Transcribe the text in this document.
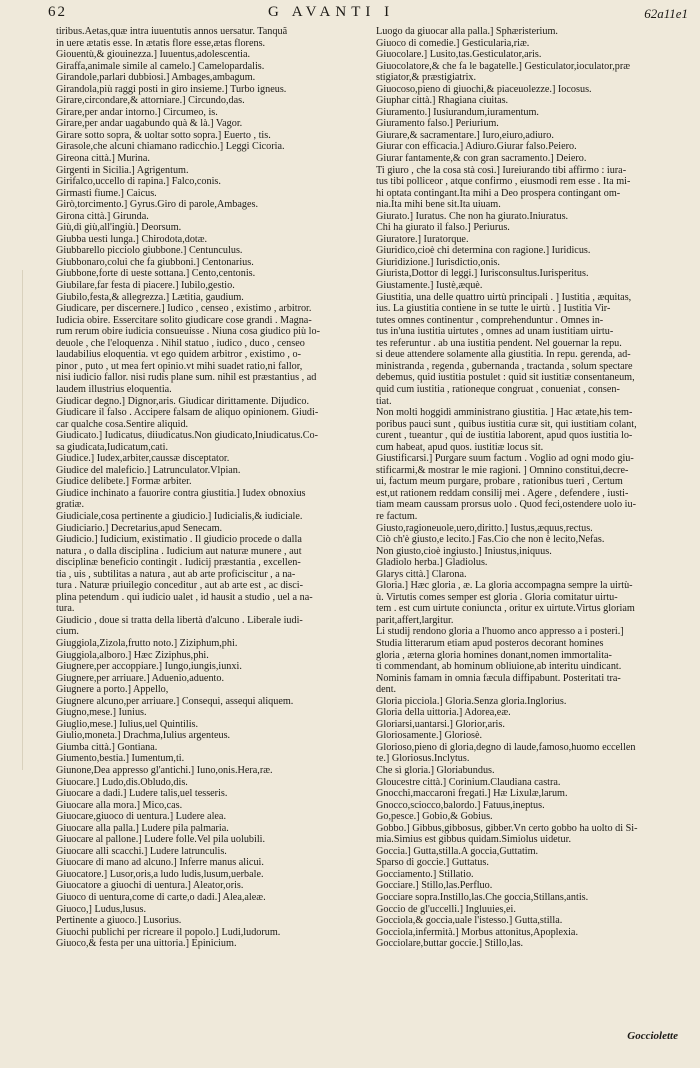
62	G AVANTI I	62a11e1
tiribus.Aetas,quæ intra iuuentutis annos uersatur. Tanquã
in uere ætatis esse. In ætatis flore esse,ætas florens.
Giouentù,& giouinezza.] Iuuentus,adolescentia.
Giraffa,animale simile al camelo.] Camelopardalis.
Girandole,parlari dubbiosi.] Ambages,ambagum.
Girandola,più raggi posti in giro insieme.] Turbo igneus.
Girare,circondare,& attorniare.] Circundo,das.
Girare,per andar intorno.] Circumeo, is.
Girare,per andar uagabundo quà & là.] Vagor.
Girare sotto sopra, & uoltar sotto sopra.] Euerto , tis.
Girasole,che alcuni chiamano radicchio.] Leggi Cicoria.
Gireona città.] Murina.
Girgenti in Sicilia.] Agrigentum.
Girifalco,uccello di rapina.] Falco,conis.
Girmasti fiume.] Caicus.
Girò,torcimento.] Gyrus.Giro di parole,Ambages.
Girona città.] Girunda.
Giù,di giù,all'ingiù.] Deorsum.
Giubba uesti lunga.] Chirodota,dotæ.
Giubbarello picciolo giubbone.] Centunculus.
Giubbonaro,colui che fa giubboni.] Centonarius.
Giubbone,forte di ueste sottana.] Cento,centonis.
Giubilare,far festa di piacere.] Iubilo,gestio.
Giubilo,festa,& allegrezza.] Lætitia, gaudium.
Giudicare, per discernere.] Iudico , censeo , existimo , arbitror.
Iudicia obire. Essercitare solito giudicare cose grandi . Magna-
rum rerum obire iudicia consueuisse . Niuna cosa giudico più lo-
deuole , che l'eloquenza . Nihil statuo , iudico , duco , censeo
laudabilius eloquentia. vt ego quidem arbitror , existimo , o-
pinor , puto , ut mea fert opinio.vt mihi suadet ratio,ni fallor,
nisi iudicio fallor. nisi rudis plane sum. nihil est præstantius , ad
laudem illustrius eloquentia.
Giudicar degno.] Dignor,aris. Giudicar dirittamente. Dijudico.
Giudicare il falso . Accipere falsam de aliquo opinionem. Giudi-
car qualche cosa.Sentire aliquid.
Giudicato.] Iudicatus, diiudicatus.Non giudicato,Iniudicatus.Co-
sa giudicata,Iudicatum,cati.
Giudice.] Iudex,arbiter,caussæ disceptator.
Giudice del maleficio.] Latrunculator.Vlpian.
Giudice delibete.] Formæ arbiter.
Giudice inchinato a fauorire contra giustitia.] Iudex obnoxius
gratiæ.
Giudiciale,cosa pertinente a giudicio.] Iudicialis,& iudiciale.
Giudiciario.] Decretarius,apud Senecam.
Giudicio.] Iudicium, existimatio . Il giudicio procede o dalla
natura , o dalla disciplina . Iudicium aut naturæ munere , aut
disciplinæ beneficio contingit . Iudicij præstantia , excellen-
tia , uis , subtilitas a natura , aut ab arte proficiscitur , a na-
tura . Naturæ priuilegio conceditur , aut ab arte est , ac disci-
plina petendum . qui iudicio ualet , id hausit a studio , uel a na-
tura.
Giudicio , doue si tratta della libertà d'alcuno . Liberale iudi-
cium.
Giuggiola,Zizola,frutto noto.] Ziziphum,phi.
Giuggiola,alboro.] Hæc Ziziphus,phi.
Giugnere,per accoppiare.] Iungo,iungis,iunxi.
Giugnere,per arriuare.] Aduenio,aduento.
Giugnere a porto.] Appello,
Giugnere alcuno,per arriuare.] Consequi, assequi aliquem.
Giugno,mese.] Iunius.
Giuglio,mese.] Iulius,uel Quintilis.
Giulio,moneta.] Drachma,Iulius argenteus.
Giumba città.] Gontiana.
Giumento,bestia.] Iumentum,ti.
Giunone,Dea appresso gl'antichi.] Iuno,onis.Hera,ræ.
Giuocare.] Ludo,dis.Obludo,dis.
Giuocare a dadi.] Ludere talis,uel tesseris.
Giuocare alla mora.] Mico,cas.
Giuocare,giuoco di uentura.] Ludere alea.
Giuocare alla palla.] Ludere pila palmaria.
Giuocare al pallone.] Ludere folle.Vel pila uolubili.
Giuocare alli scacchi.] Ludere latrunculis.
Giuocare di mano ad alcuno.] Inferre manus alicui.
Giuocatore.] Lusor,oris,a ludo ludis,lusum,uerbale.
Giuocatore a giuochi di uentura.] Aleator,oris.
Giuoco di uentura,come di carte,o dadi.] Alea,aleæ.
Giuoco,] Ludus,lusus.
Pertinente a giuoco.] Lusorius.
Giuochi publichi per ricreare il popolo.] Ludi,ludorum.
Giuoco,& festa per una uittoria.] Epinicium.
Luogo da giuocar alla palla.] Sphæristerium.
Giuoco di comedie.] Gesticularia,riæ.
Giuocolare.] Lusito,tas.Gesticulator,aris.
Giuocolatore,& che fa le bagatelle.] Gesticulator,ioculator,præ
stigiator,& præstigiatrix.
Giuocoso,pieno di giuochi,& piaceuolezze.] Iocosus.
Giuphar città.] Rhagiana ciuitas.
Giuramento.] Iusiurandum,iuramentum.
Giuramento falso.] Periurium.
Giurare,& sacramentare.] Iuro,eiuro,adiuro.
Giurar con efficacia.] Adiuro.Giurar falso.Peiero.
Giurar fantamente,& con gran sacramento.] Deiero.
Ti giuro , che la cosa stà così.] Iureiurando tibi affirmo : iura-
tus tibi polliceor , atque confirmo , eiusmodi rem esse . Ita mi-
hi optata contingant.Ita mihi a Deo prospera contingant om-
nia.Ita mihi bene sit.Ita uiuam.
Giurato.] Iuratus. Che non ha giurato.Iniuratus.
Chi ha giurato il falso.] Periurus.
Giuratore.] Iuratorque.
Giuridico,cioè chi determina con ragione.] Iuridicus.
Giuridizione.] Iurisdictio,onis.
Giurista,Dottor di leggi.] Iurisconsultus.Iurisperitus.
Giustamente.] Iustè,æquè.
Giustitia, una delle quattro uirtù principali . ] Iustitia , æquitas,
ius. La giustitia contiene in se tutte le uirtù . ] Iustitia Vir-
tutes omnes continentur , comprehenduntur . Omnes in-
tus in'una iustitia uirtutes , omnes ad unam iustitiam uirtu-
tes referuntur . ab una iustitia pendent. Nel gouernar la repu.
si deue attendere solamente alla giustitia. In repu. gerenda, ad-
ministranda , regenda , gubernanda , tractanda , solum spectare
debemus, quid iustitia postulet : quid sit iustitiæ consentaneum,
quid cum iustitia , rationeque congruat , conueniat , consen-
tiat.
Non molti hoggidì amministrano giustitia. ] Hac ætate,his tem-
poribus pauci sunt , quibus iustitia curæ sit, qui iustitiam colant,
curent , tueantur , qui de iustitia laborent, apud quos iustitia lo-
cum habeat, apud quos. iustitiæ locus sit.
Giustificarsi.] Purgare suum factum . Voglio ad ogni modo giu-
stificarmi,& mostrar le mie ragioni. ] Omnino constitui,decre-
ui, factum meum purgare, probare , rationibus tueri , Certum
est,ut rationem reddam consilij mei . Agere , defendere , iusti-
tiam meam caussam prorsus uolo . Quod feci,ostendere uolo iu-
re factum.
Giusto,ragioneuole,uero,diritto.] Iustus,æquus,rectus.
Ciò ch'è giusto,e lecito.] Fas.Cio che non è lecito,Nefas.
Non giusto,cioè ingiusto.] Iniustus,iniquus.
Gladiolo herba.] Gladiolus.
Glarys città.] Clarona.
Gloria.] Hæc gloria , æ. La gloria accompagna sempre la uirtù-
ù. Virtutis comes semper est gloria . Gloria comitatur uirtu-
tem . est cum uirtute coniuncta , oritur ex uirtute.Virtus gloriam
parit,affert,largitur.
Li studij rendono gloria a l'huomo anco appresso a i posteri.]
Studia litterarum etiam apud posteros decorant homines
gloria , æterna gloria homines donant,nomen immortalita-
ti commendant, ab hominum obliuione,ab interitu uindicant.
Nominis famam in omnia fæcula diffipabunt. Posteritati tra-
dent.
Gloria picciola.] Gloria.Senza gloria.Inglorius.
Gloria della uittoria.] Adorea,eæ.
Gloriarsi,uantarsi.] Glorior,aris.
Gloriosamente.] Gloriosè.
Glorioso,pieno di gloria,degno di laude,famoso,huomo eccellen
te.] Gloriosus.Inclytus.
Che sì gloria.] Gloriabundus.
Gloucestre città.] Corinium.Claudiana castra.
Gnocchi,maccaroni fregati.] Hæ Lixulæ,larum.
Gnocco,sciocco,balordo.] Fatuus,ineptus.
Go,pesce.] Gobio,& Gobius.
Gobbo.] Gibbus,gibbosus, gibber.Vn certo gobbo ha uolto di Si-
mia.Simius est gibbus quidam.Simiolus uidetur.
Goccia.] Gutta,stilla.A goccia,Guttatim.
Sparso di goccie.] Guttatus.
Gocciamento.] Stillatio.
Gocciare.] Stillo,las.Perfluo.
Gocciare sopra.Instillo,las.Che goccia,Stillans,antis.
Goccio de gl'uccelli.] Ingluuies,ei.
Gocciola,& goccia,uale l'istesso.] Gutta,stilla.
Gocciola,infermità.] Morbus attonitus,Apoplexia.
Gocciolare,buttar goccie.] Stillo,las.
Gocciolette
